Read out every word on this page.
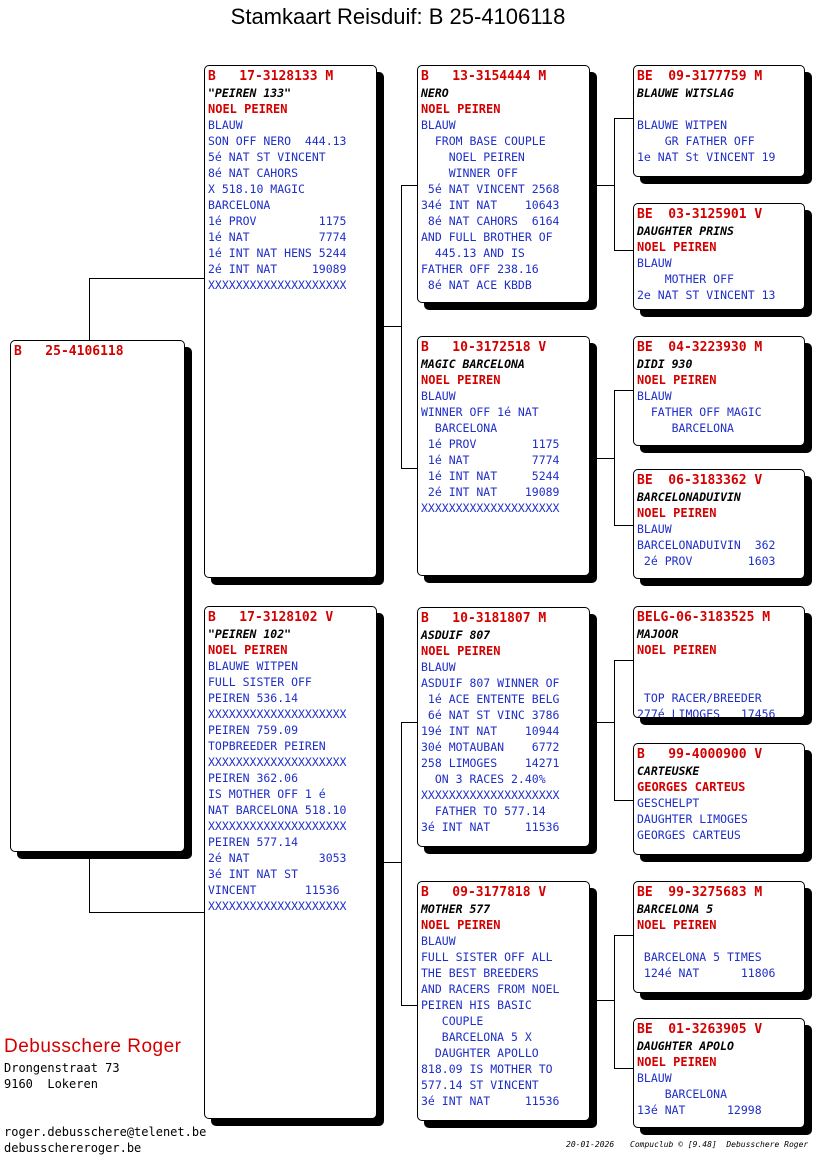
Stamkaart Reisduif: B 25-4106118
B   25-4106118
B   17-3128133 M
"PEIREN 133"
NOEL PEIREN
BLAUW
SON OFF NERO  444.13
5é NAT ST VINCENT
8é NAT CAHORS
X 518.10 MAGIC
BARCELONA
1é PROV         1175
1é NAT          7774
1é INT NAT HENS 5244
2é INT NAT     19089
XXXXXXXXXXXXXXXXXXXX
B   17-3128102 V
"PEIREN 102"
NOEL PEIREN
BLAUWE WITPEN
FULL SISTER OFF
PEIREN 536.14
XXXXXXXXXXXXXXXXXXXX
PEIREN 759.09
TOPBREEDER PEIREN
XXXXXXXXXXXXXXXXXXXX
PEIREN 362.06
IS MOTHER OFF 1 é
NAT BARCELONA 518.10
XXXXXXXXXXXXXXXXXXXX
PEIREN 577.14
2é NAT          3053
3é INT NAT ST
VINCENT       11536
XXXXXXXXXXXXXXXXXXXX
B   13-3154444 M
NERO
NOEL PEIREN
BLAUW
FROM BASE COUPLE
NOEL PEIREN
WINNER OFF
5é NAT VINCENT 2568
34é INT NAT    10643
8é NAT CAHORS  6164
AND FULL BROTHER OF
445.13 AND IS
FATHER OFF 238.16
8é NAT ACE KBDB
B   10-3172518 V
MAGIC BARCELONA
NOEL PEIREN
BLAUW
WINNER OFF 1é NAT
BARCELONA
1é PROV        1175
1é NAT         7774
1é INT NAT     5244
2é INT NAT    19089
XXXXXXXXXXXXXXXXXXXX
B   10-3181807 M
ASDUIF 807
NOEL PEIREN
BLAUW
ASDUIF 807 WINNER OF
1é ACE ENTENTE BELG
6é NAT ST VINC 3786
19é INT NAT    10944
30é MOTAUBAN    6772
258 LIMOGES    14271
ON 3 RACES 2.40%
XXXXXXXXXXXXXXXXXXXX
FATHER TO 577.14
3é INT NAT     11536
B   09-3177818 V
MOTHER 577
NOEL PEIREN
BLAUW
FULL SISTER OFF ALL
THE BEST BREEDERS
AND RACERS FROM NOEL
PEIREN HIS BASIC
COUPLE
BARCELONA 5 X
DAUGHTER APOLLO
818.09 IS MOTHER TO
577.14 ST VINCENT
3é INT NAT     11536
BE  09-3177759 M
BLAUWE WITSLAG
BLAUWE WITPEN
GR FATHER OFF
1e NAT St VINCENT 19
BE  03-3125901 V
DAUGHTER PRINS
NOEL PEIREN
BLAUW
MOTHER OFF
2e NAT ST VINCENT 13
BE  04-3223930 M
DIDI 930
NOEL PEIREN
BLAUW
FATHER OFF MAGIC
BARCELONA
BE  06-3183362 V
BARCELONADUIVIN
NOEL PEIREN
BLAUW
BARCELONADUIVIN  362
2é PROV        1603
BELG-06-3183525 M
MAJOOR
NOEL PEIREN
TOP RACER/BREEDER
277é LIMOGES   17456
B   99-4000900 V
CARTEUSKE
GEORGES CARTEUS
GESCHELPT
DAUGHTER LIMOGES
GEORGES CARTEUS
BE  99-3275683 M
BARCELONA 5
NOEL PEIREN
BARCELONA 5 TIMES
124é NAT      11806
BE  01-3263905 V
DAUGHTER APOLO
NOEL PEIREN
BLAUW
BARCELONA
13é NAT      12998
Debusschere Roger
Drongenstraat 73
9160  Lokeren
roger.debusschere@telenet.be
debusschereroger.be	20-01-2026 Compuclub © [9.48]  Debusschere Roger
